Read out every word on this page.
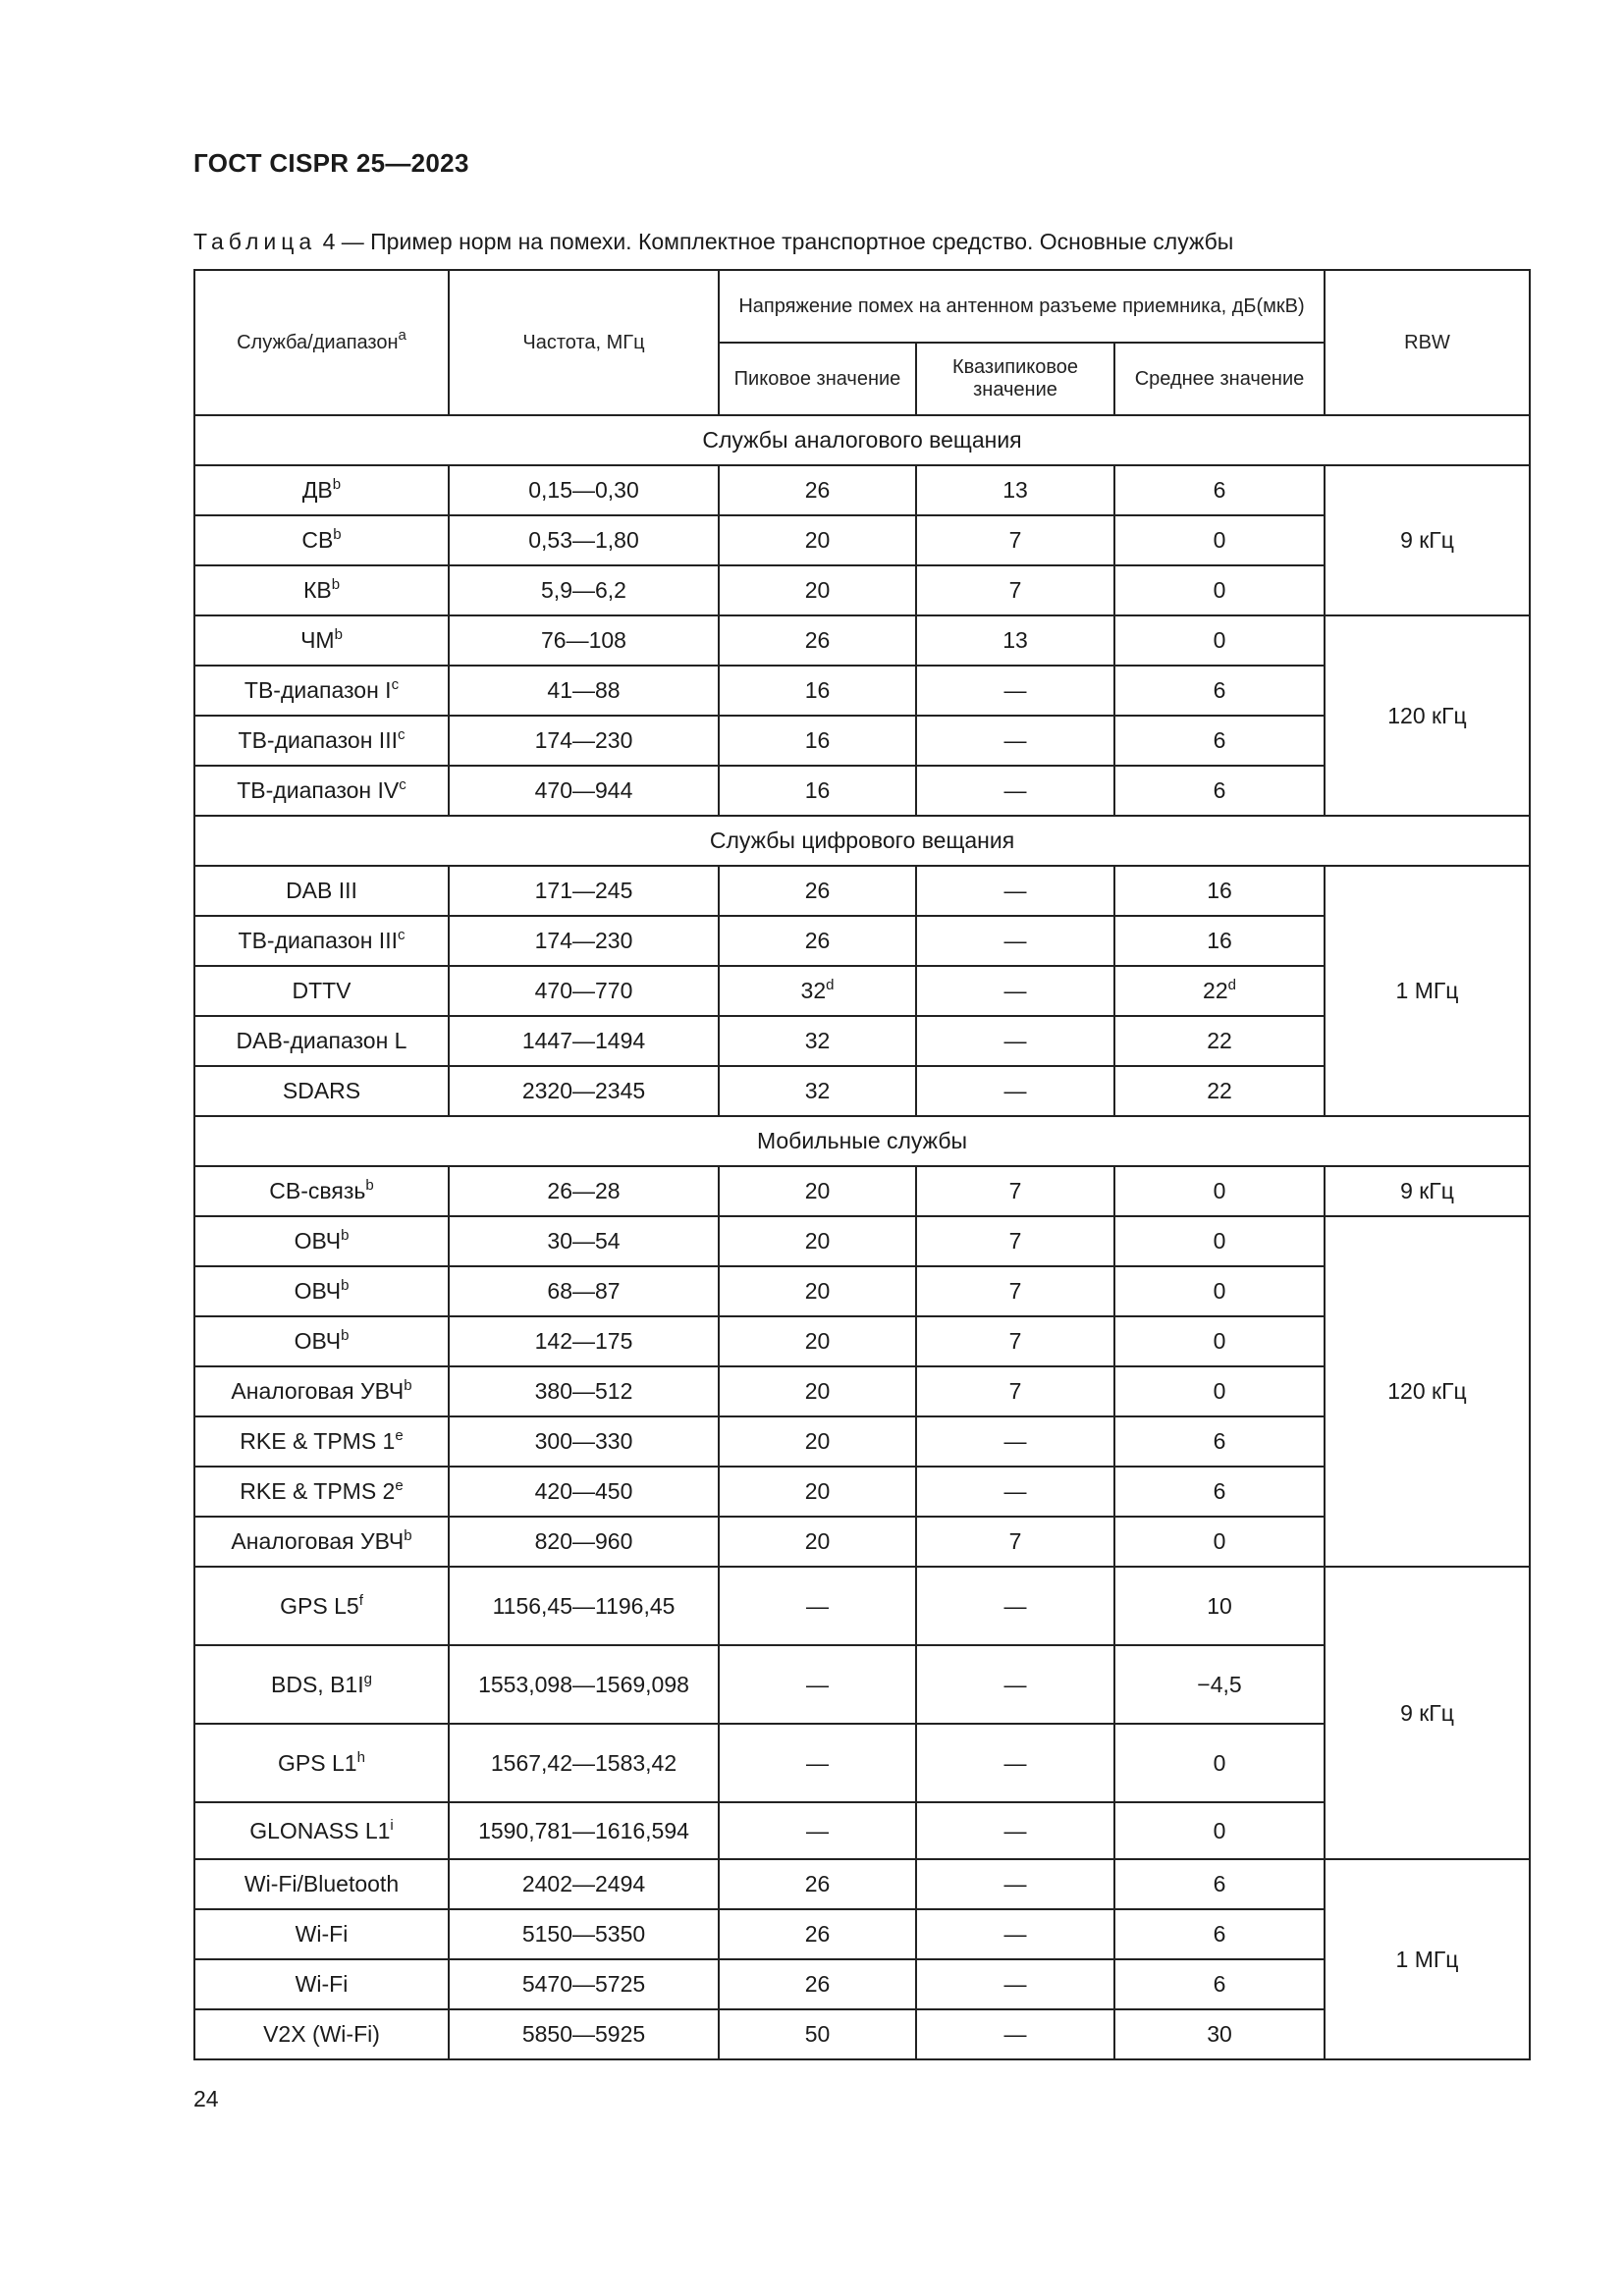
ГОСТ CISPR 25—2023
Таблица 4 — Пример норм на помехи. Комплектное транспортное средство. Основные службы
Служба/диапазон$^a$	Частота, МГц	Напряжение помех на антенном разъеме приемника, дБ(мкВ)			RBW
		Пиковое значение	Квазипиковое значение	Среднее значение	
Службы аналогового вещания					
$ДВ^b$	0,15—0,30	26	13	6	9 кГц
$СВ^b$	0,53—1,80	20	7	0	
$КВ^b$	5,9—6,2	20	7	0	
$ЧМ^b$	76—108	26	13	0	120 кГц
ТВ-диапазон $I^c$	41—88	16	—	6	
ТВ-диапазон III$^c$	174—230	16	—	6	
ТВ-диапазон $IV^c$	470—944	16	—	6	
Службы цифрового вещания					
DAB III	171—245	26	—	16	1 МГц
ТВ-диапазон III$^c$	174—230	26	—	16	
DTTV	470—770	32$^d$	—	22$^d$
DAB-диапазон L	1447—1494	32	—	22	
SDARS	2320—2345	32	—	22	
Мобильные службы					
СВ-связь$^b$	26—28	20	7	0	9 кГц
ОВЧ$^b$	30—54	20	7	0	120 кГц
ОВЧ$^b$	68—87	20	7	0	
ОВЧ$^b$	142—175	20	7	0	
Аналоговая УВЧ$^b$	380—512	20	7	0	
RKE & TPMS 1e	300—330	20	—	6	
RKE & TPMS 2e	420—450	20	—	6	
Аналоговая УВЧ$^b$	820—960	20	7	0	
GPS L5$^f$	1156,45—1196,45	—	—	10	9 кГц
BDS, $B1I^g$	1553,098—1569,098	—	—	−4,5	
GPS L1$^h$	1567,42—1583,42	—	—	0	
GLONASS L1$^i$	1590,781—1616,594	—	—	0	
Wi-Fi/Bluetooth	2402—2494	26	—	6	1 МГц
Wi-Fi	5150—5350	26	—	6	
Wi-Fi	5470—5725	26	—	6	
V2X (Wi-Fi)	5850—5925	50	—	30	
24
